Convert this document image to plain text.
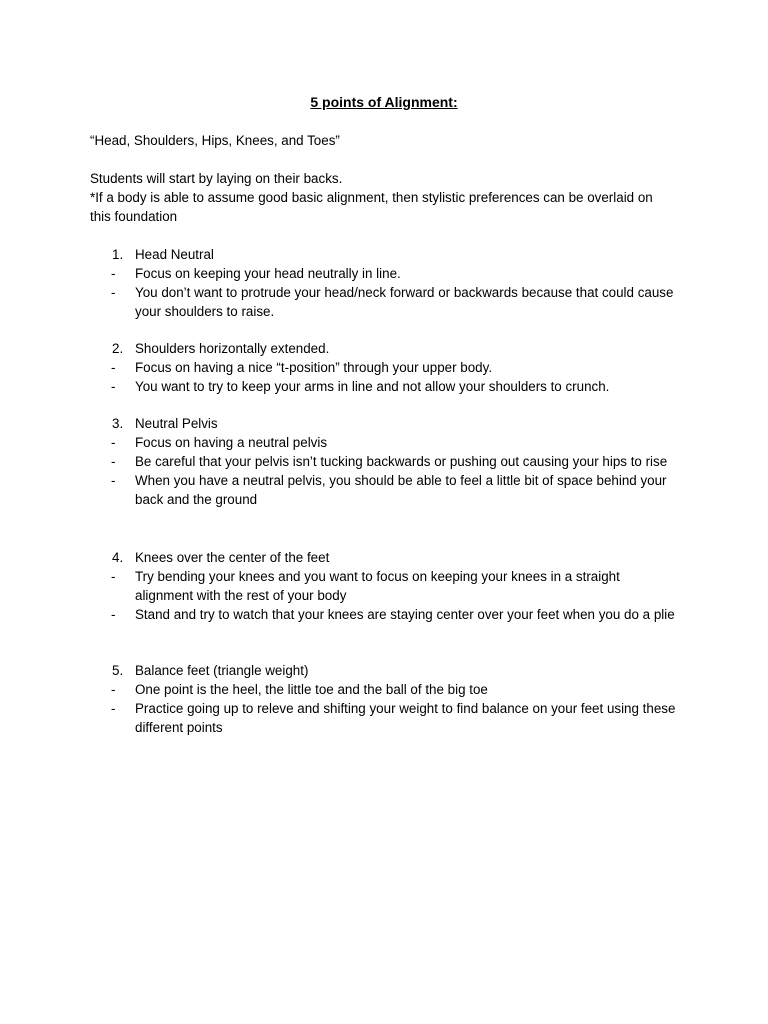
5 points of Alignment:
“Head, Shoulders, Hips, Knees, and Toes”
Students will start by laying on their backs.
*If a body is able to assume good basic alignment, then stylistic preferences can be overlaid on
this foundation
1. Head Neutral
- Focus on keeping your head neutrally in line.
- You don’t want to protrude your head/neck forward or backwards because that could cause your shoulders to raise.
2. Shoulders horizontally extended.
- Focus on having a nice “t-position” through your upper body.
- You want to try to keep your arms in line and not allow your shoulders to crunch.
3. Neutral Pelvis
- Focus on having a neutral pelvis
- Be careful that your pelvis isn’t tucking backwards or pushing out causing your hips to rise
- When you have a neutral pelvis, you should be able to feel a little bit of space behind your back and the ground
4. Knees over the center of the feet
- Try bending your knees and you want to focus on keeping your knees in a straight alignment with the rest of your body
- Stand and try to watch that your knees are staying center over your feet when you do a plie
5. Balance feet (triangle weight)
- One point is the heel, the little toe and the ball of the big toe
- Practice going up to releve and shifting your weight to find balance on your feet using these different points
